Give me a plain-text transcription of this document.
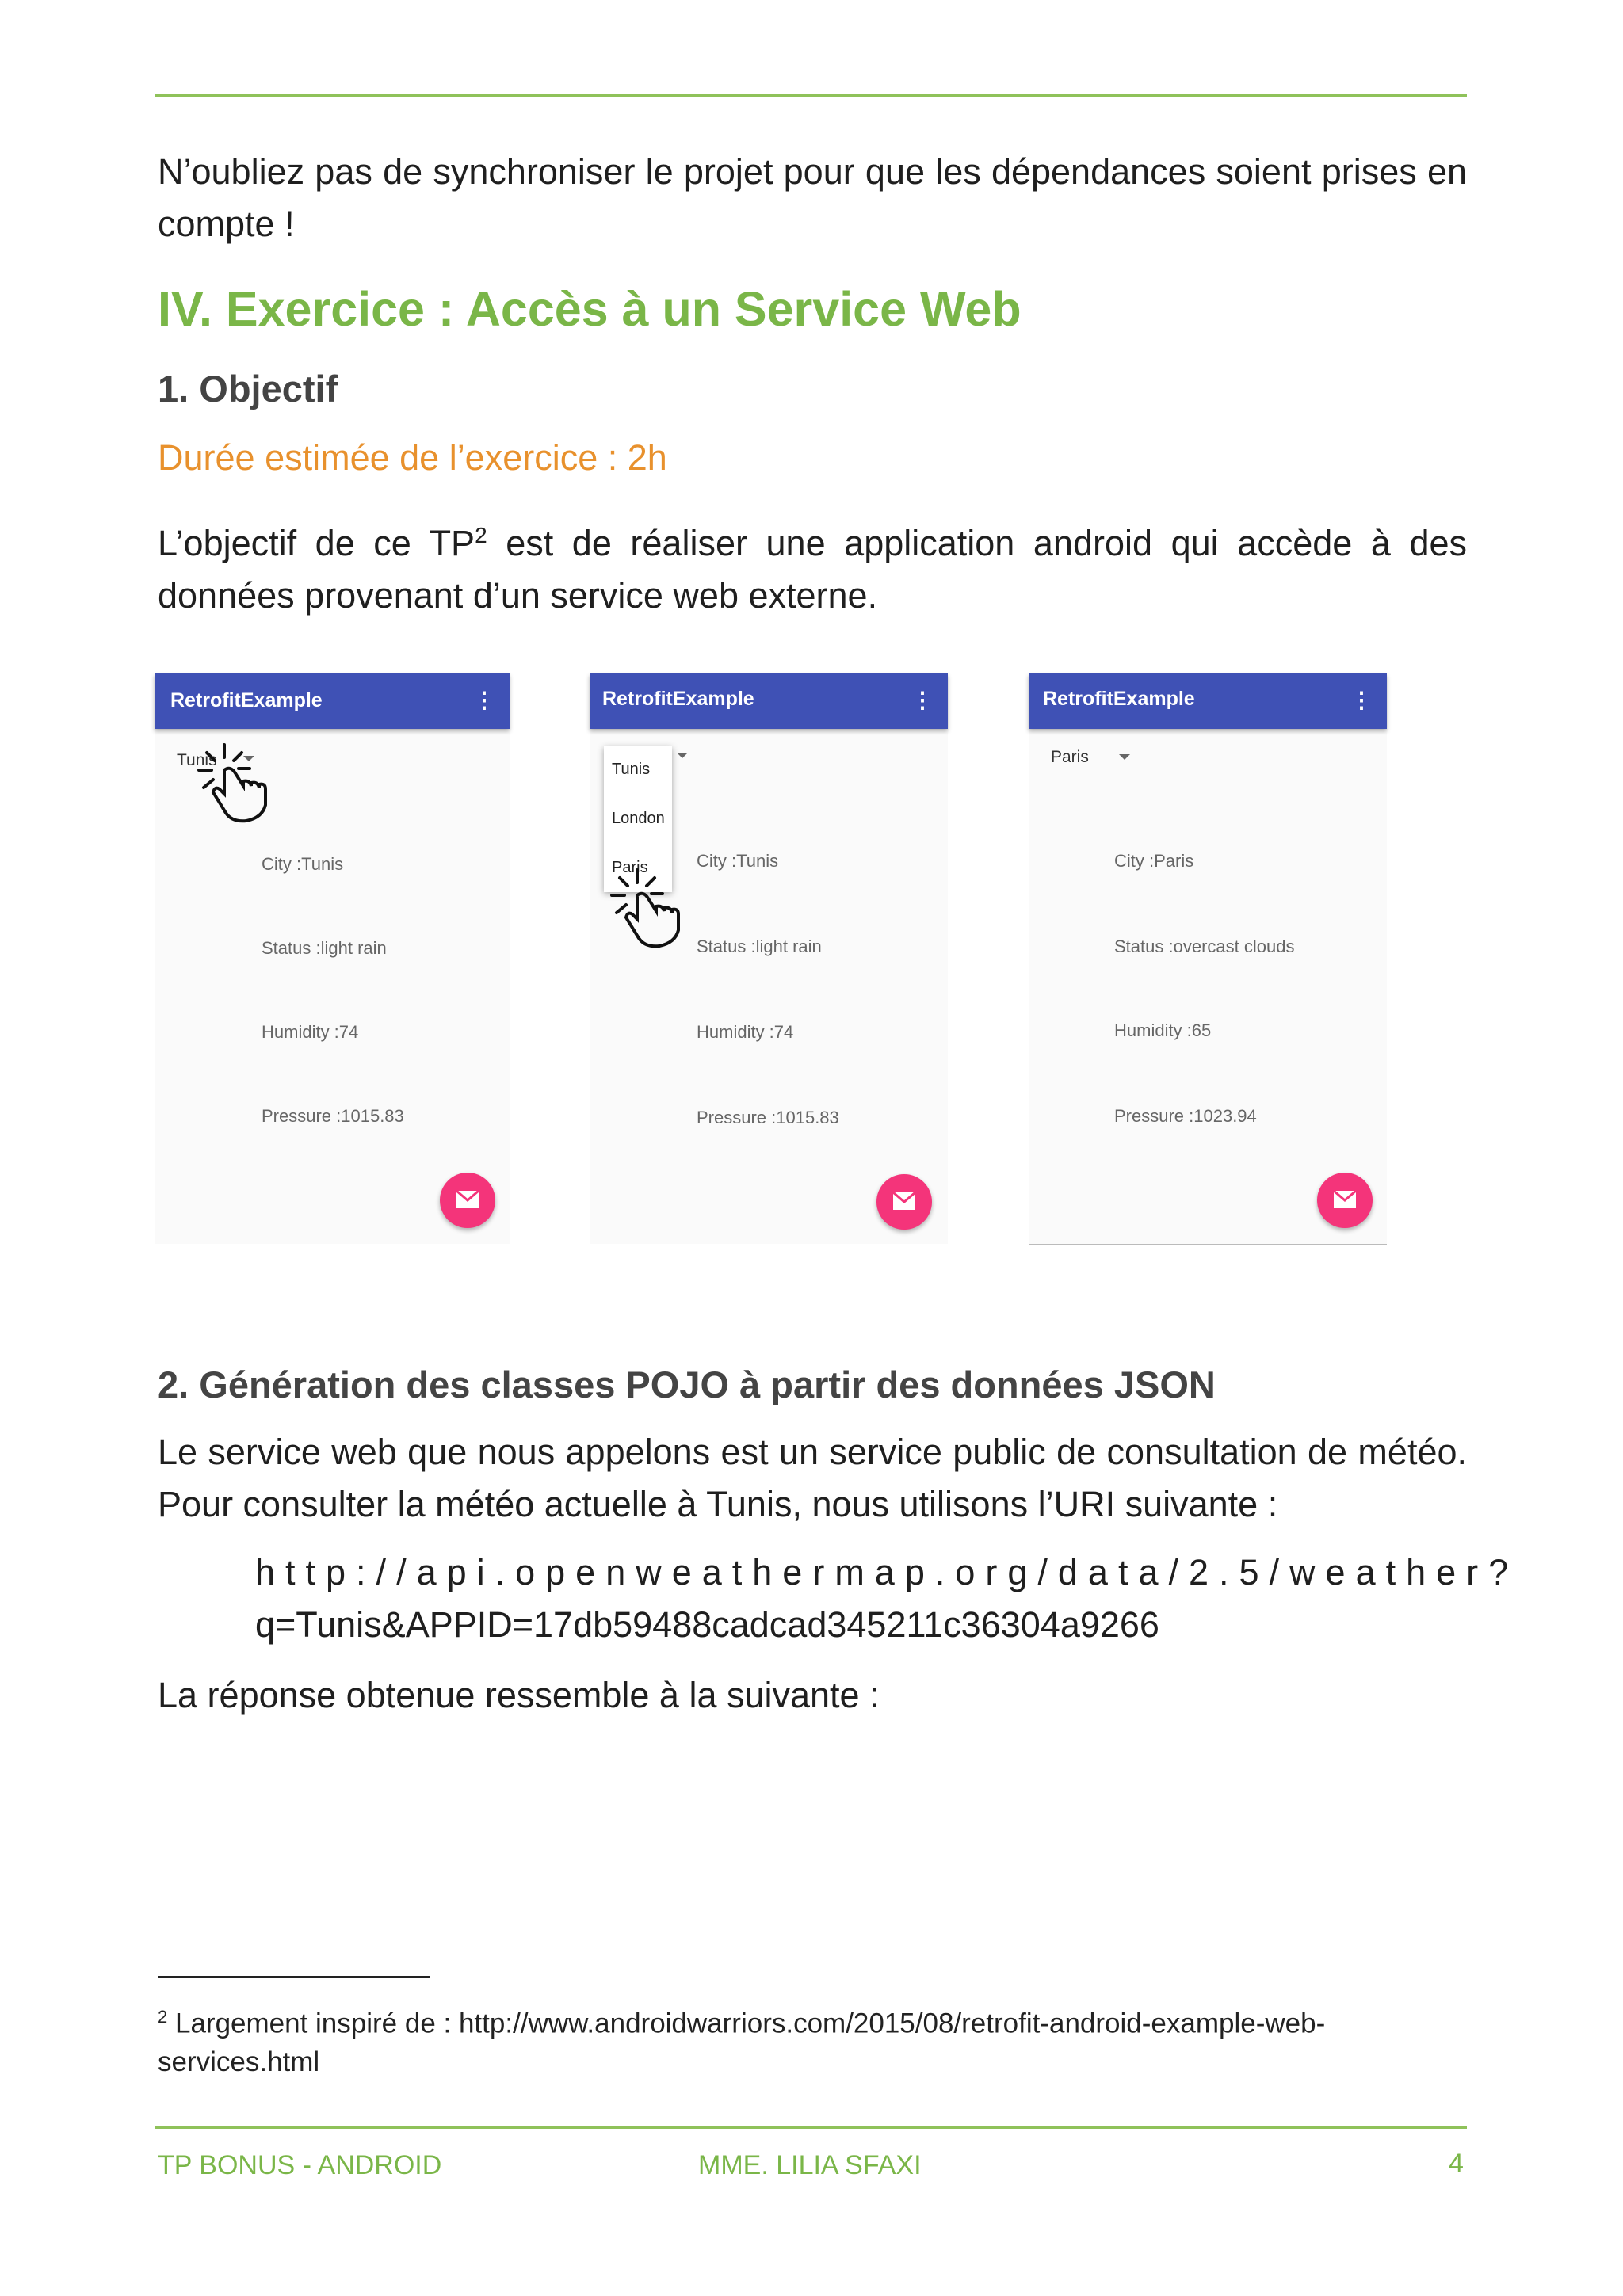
N’oubliez pas de synchroniser le projet pour que les dépendances soient prises en compte !
IV. Exercice : Accès à un Service Web
1. Objectif
Durée estimée de l’exercice : 2h
L’objectif de ce $TP^2$ est de réaliser une application android qui accède à des données provenant d’un service web externe.
RetrofitExample	⋮
Tunis
City :Tunis
Status :light rain
Humidity :74
Pressure :1015.83
RetrofitExample	⋮
Tunis
London
Paris	City :Tunis
Status :light rain
Humidity :74
Pressure :1015.83
RetrofitExample	⋮
Paris
City :Paris
Status :overcast clouds
Humidity :65
Pressure :1023.94
2. Génération des classes POJO à partir des données JSON
Le service web que nous appelons est un service public de consultation de météo. Pour consulter la météo actuelle à Tunis, nous utilisons l’URI suivante :
http://api.openweathermap.org/data/2.5/weather?
q=Tunis&APPID=17db59488cadcad345211c36304a9266
La réponse obtenue ressemble à la suivante :
$^2$ Largement inspiré de : http://www.androidwarriors.com/2015/08/retrofit-android-example-web-services.html
TP BONUS - ANDROID	MME. LILIA SFAXI	4
